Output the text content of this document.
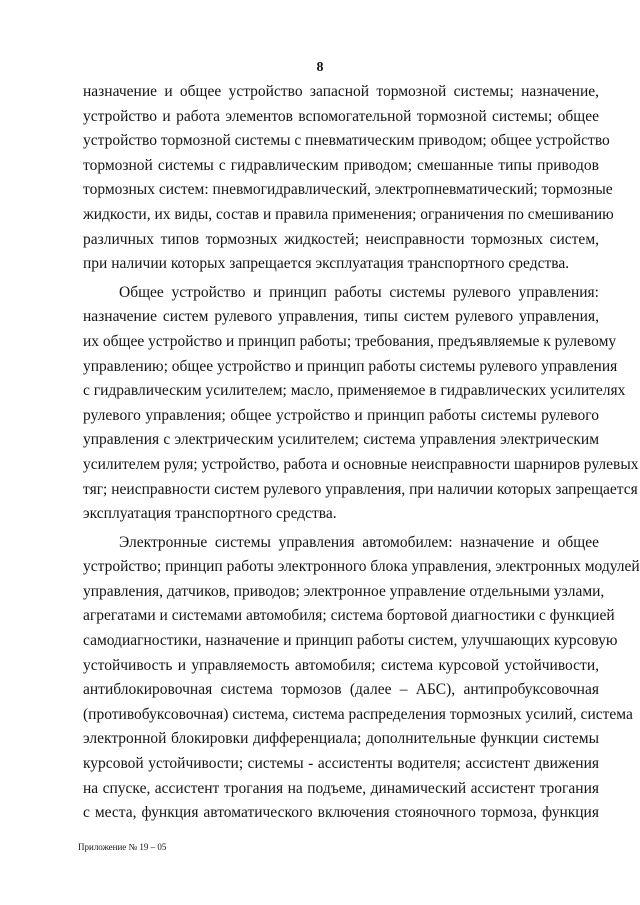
8
назначение и общее устройство запасной тормозной системы; назначение,
устройство и работа элементов вспомогательной тормозной системы; общее
устройство тормозной системы с пневматическим приводом; общее устройство
тормозной системы с гидравлическим приводом; смешанные типы приводов
тормозных систем: пневмогидравлический, электропневматический; тормозные
жидкости, их виды, состав и правила применения; ограничения по смешиванию
различных типов тормозных жидкостей; неисправности тормозных систем,
при наличии которых запрещается эксплуатация транспортного средства.
Общее устройство и принцип работы системы рулевого управления:
назначение систем рулевого управления, типы систем рулевого управления,
их общее устройство и принцип работы; требования, предъявляемые к рулевому
управлению; общее устройство и принцип работы системы рулевого управления
с гидравлическим усилителем; масло, применяемое в гидравлических усилителях
рулевого управления; общее устройство и принцип работы системы рулевого
управления с электрическим усилителем; система управления электрическим
усилителем руля; устройство, работа и основные неисправности шарниров рулевых
тяг; неисправности систем рулевого управления, при наличии которых запрещается
эксплуатация транспортного средства.
Электронные системы управления автомобилем: назначение и общее
устройство; принцип работы электронного блока управления, электронных модулей
управления, датчиков, приводов; электронное управление отдельными узлами,
агрегатами и системами автомобиля; система бортовой диагностики с функцией
самодиагностики, назначение и принцип работы систем, улучшающих курсовую
устойчивость и управляемость автомобиля; система курсовой устойчивости,
антиблокировочная система тормозов (далее – АБС), антипробуксовочная
(противобуксовочная) система, система распределения тормозных усилий, система
электронной блокировки дифференциала; дополнительные функции системы
курсовой устойчивости; системы - ассистенты водителя; ассистент движения
на спуске, ассистент трогания на подъеме, динамический ассистент трогания
с места, функция автоматического включения стояночного тормоза, функция
Приложение № 19 – 05
